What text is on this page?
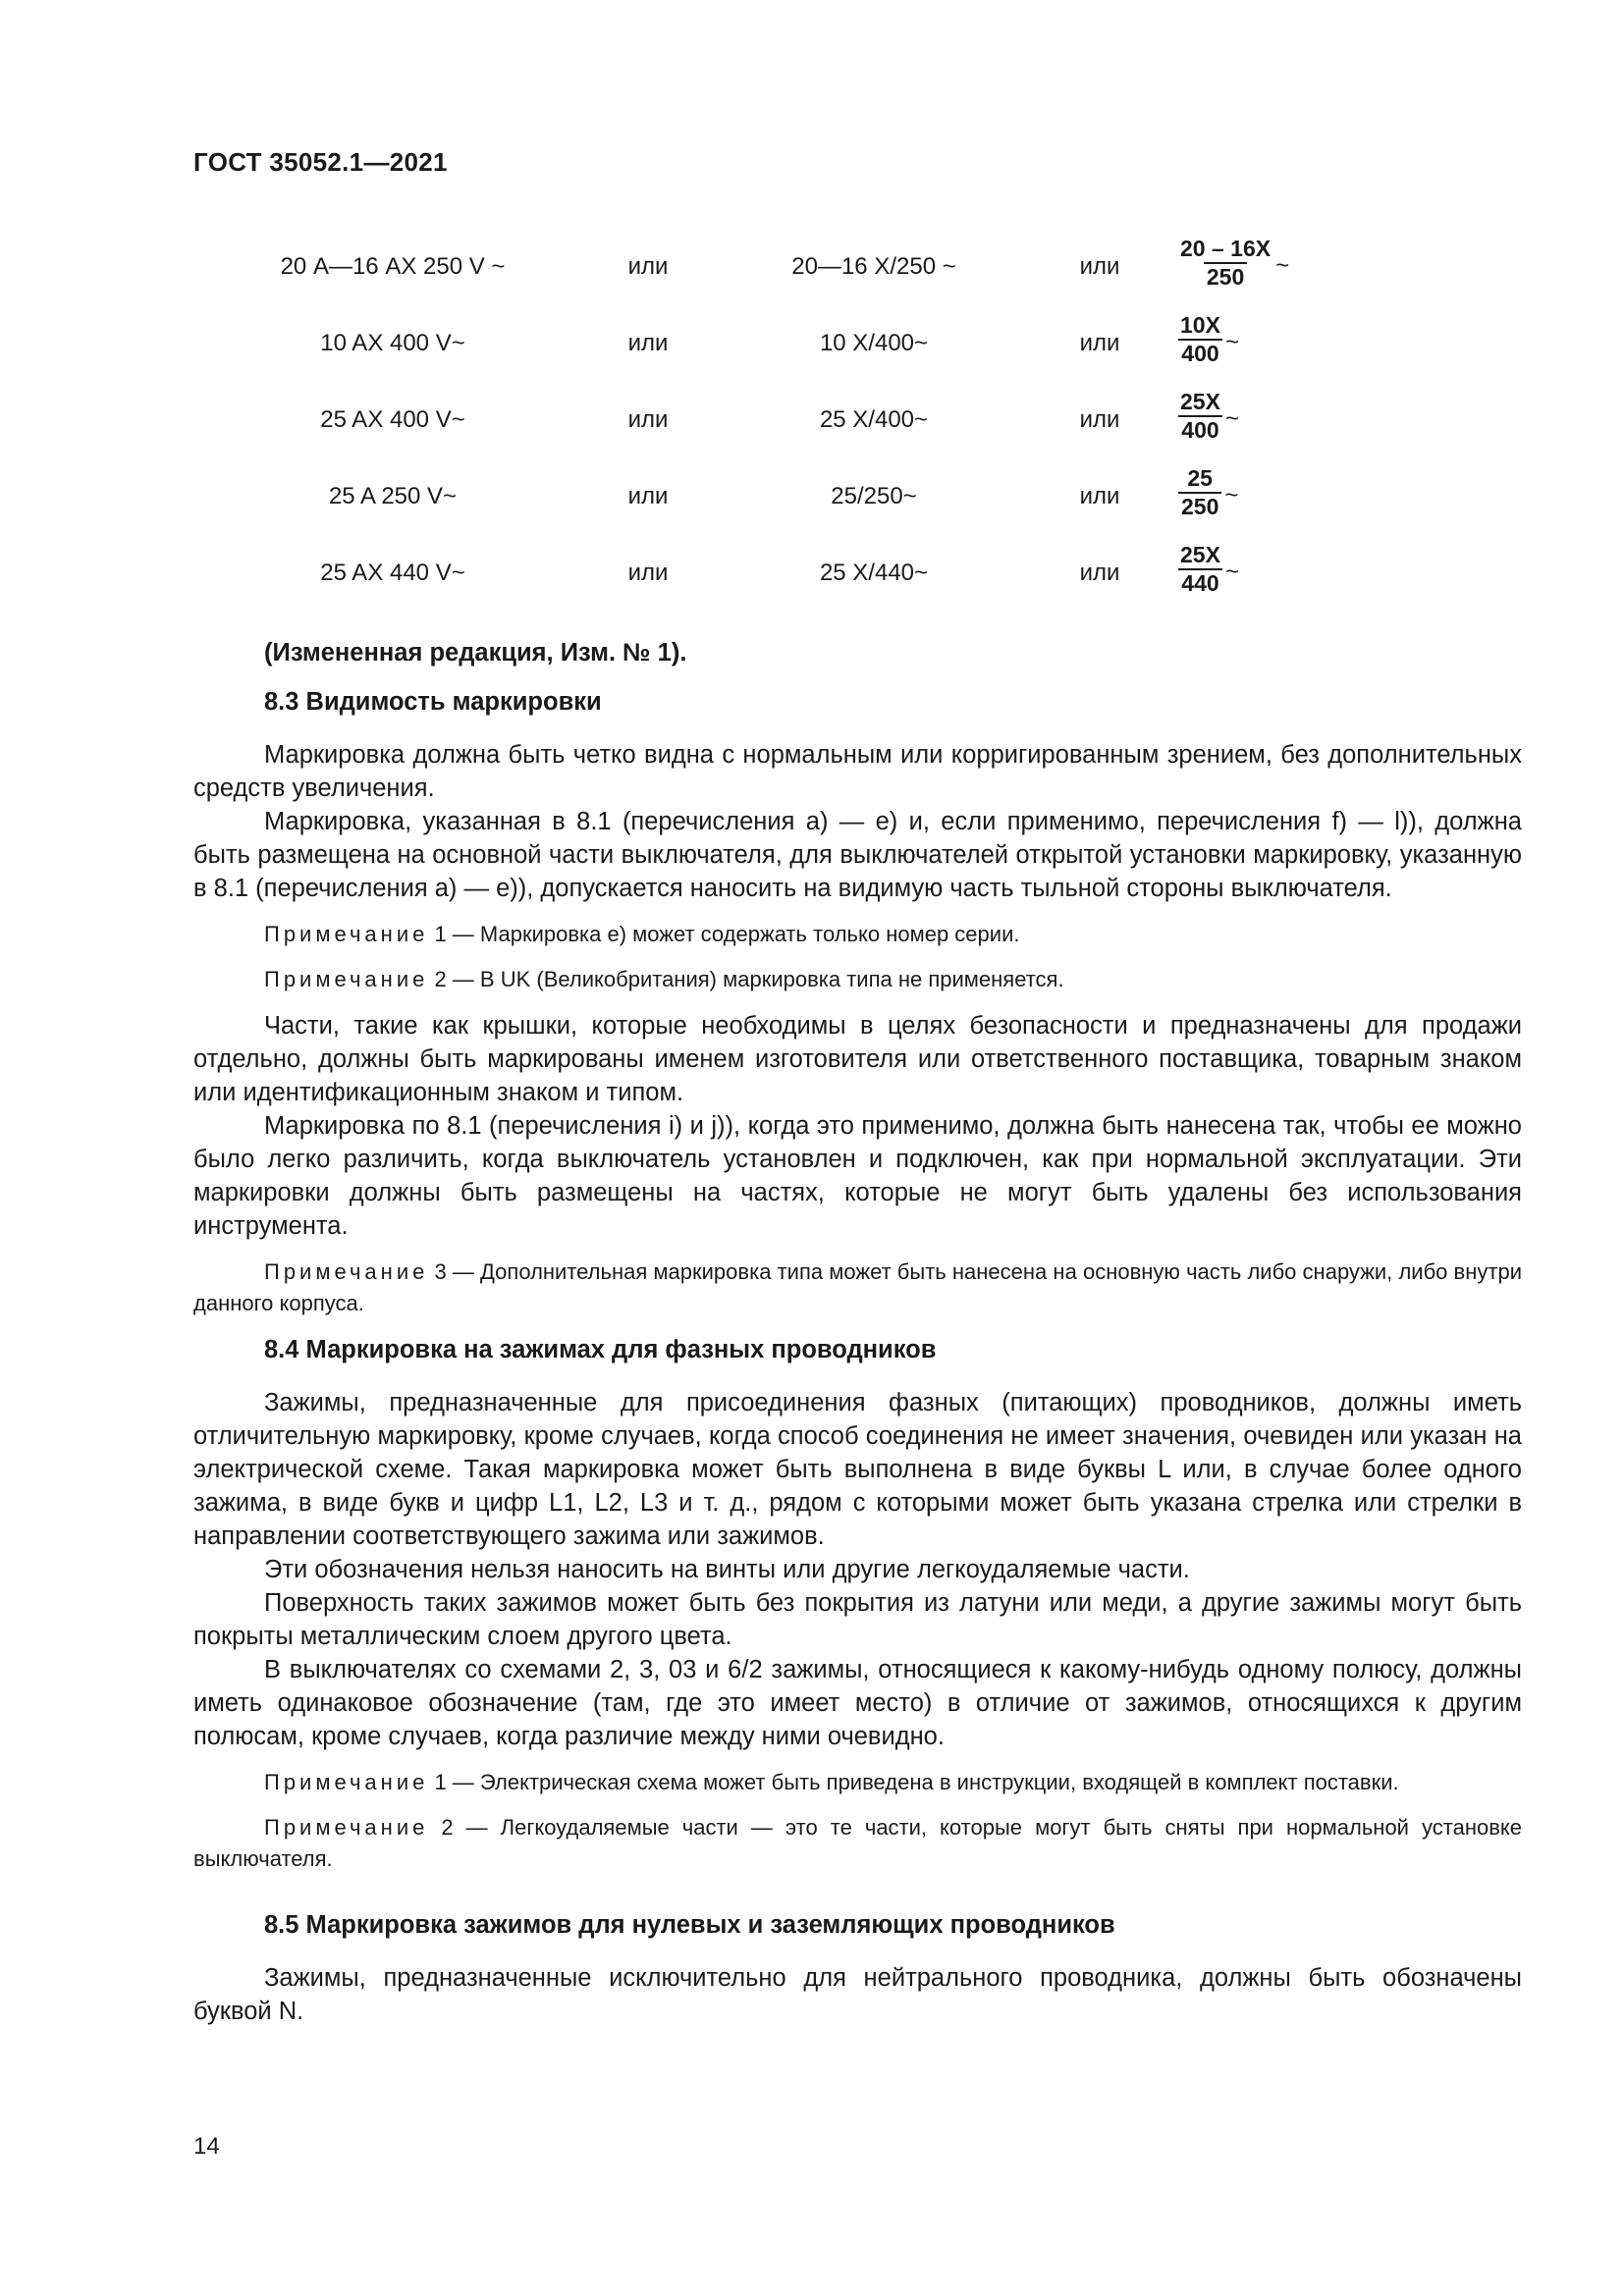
ГОСТ 35052.1—2021
20 А—16 АХ 250 V ~	или	20—16 X/250 ~	или	$\frac{20 - 16X}{250}$ ~
10 AX 400 V~	или	10 X/400~	или	$\frac{10X}{400}$ ~
25 AX 400 V~	или	25 X/400~	или	$\frac{25X}{400}$ ~
25 A 250 V~	или	25/250~	или	$\frac{25}{250}$ ~
25 AX 440 V~	или	25 X/440~	или	$\frac{25X}{440}$ ~

(Измененная редакция, Изм. № 1).

8.3 Видимость маркировки

Маркировка должна быть четко видна с нормальным или корригированным зрением, без дополнительных средств увеличения.

Маркировка, указанная в 8.1 (перечисления a) — e) и, если применимо, перечисления f) — l)), должна быть размещена на основной части выключателя, для выключателей открытой установки маркировку, указанную в 8.1 (перечисления a) — e)), допускается наносить на видимую часть тыльной стороны выключателя.

Примечание 1 — Маркировка e) может содержать только номер серии.

Примечание 2 — В UK (Великобритания) маркировка типа не применяется.

Части, такие как крышки, которые необходимы в целях безопасности и предназначены для продажи отдельно, должны быть маркированы именем изготовителя или ответственного поставщика, товарным знаком или идентификационным знаком и типом.

Маркировка по 8.1 (перечисления i) и j)), когда это применимо, должна быть нанесена так, чтобы ее можно было легко различить, когда выключатель установлен и подключен, как при нормальной эксплуатации. Эти маркировки должны быть размещены на частях, которые не могут быть удалены без использования инструмента.

Примечание 3 — Дополнительная маркировка типа может быть нанесена на основную часть либо снаружи, либо внутри данного корпуса.

8.4 Маркировка на зажимах для фазных проводников

Зажимы, предназначенные для присоединения фазных (питающих) проводников, должны иметь отличительную маркировку, кроме случаев, когда способ соединения не имеет значения, очевиден или указан на электрической схеме. Такая маркировка может быть выполнена в виде буквы L или, в случае более одного зажима, в виде букв и цифр L1, L2, L3 и т. д., рядом с которыми может быть указана стрелка или стрелки в направлении соответствующего зажима или зажимов.

Эти обозначения нельзя наносить на винты или другие легкоудаляемые части.

Поверхность таких зажимов может быть без покрытия из латуни или меди, а другие зажимы могут быть покрыты металлическим слоем другого цвета.

В выключателях со схемами 2, 3, 03 и 6/2 зажимы, относящиеся к какому-нибудь одному полюсу, должны иметь одинаковое обозначение (там, где это имеет место) в отличие от зажимов, относящихся к другим полюсам, кроме случаев, когда различие между ними очевидно.

Примечание 1 — Электрическая схема может быть приведена в инструкции, входящей в комплект поставки.

Примечание 2 — Легкоудаляемые части — это те части, которые могут быть сняты при нормальной установке выключателя.

8.5 Маркировка зажимов для нулевых и заземляющих проводников

Зажимы, предназначенные исключительно для нейтрального проводника, должны быть обозначены буквой N.

14
